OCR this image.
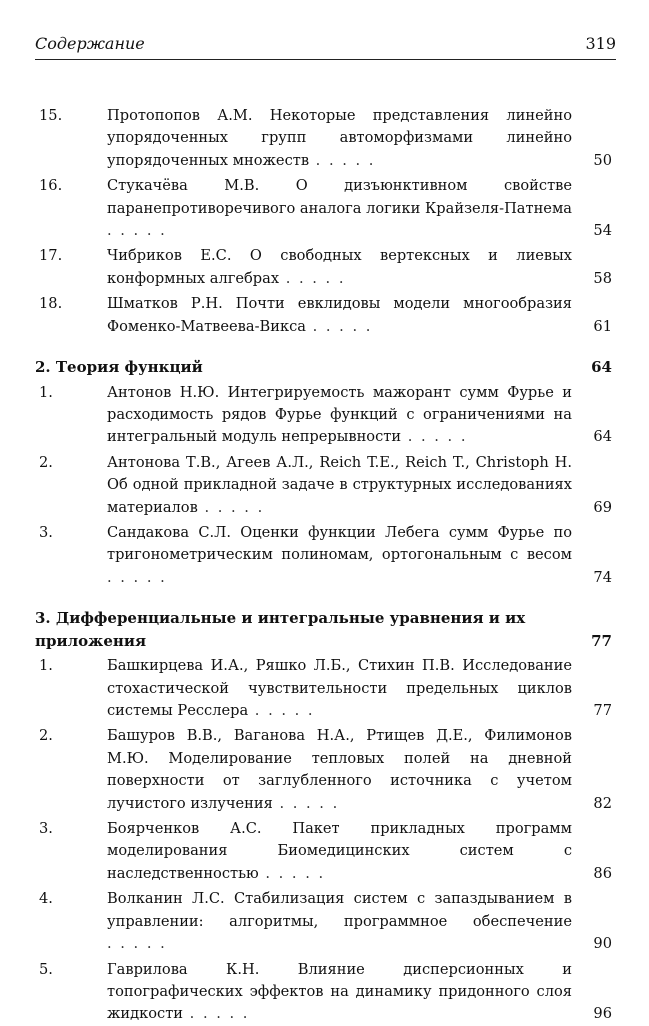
Содержание	319
15.	Протопопов А.М. Некоторые представления линейно упорядоченных групп автоморфизмами линейно упорядоченных множеств . . . . .	50
16.	Стукачёва М.В. О дизъюнктивном свойстве паранепротиворечивого аналога логики Крайзеля-Патнема . . . . .	54
17.	Чибриков Е.С. О свободных вертексных и лиевых конформных алгебрах . . . . .	58
18.	Шматков Р.Н. Почти евклидовы модели многообразия Фоменко-Матвеева-Викса . . . . .	61
2. Теория функций	64
1.	Антонов Н.Ю. Интегрируемость мажорант сумм Фурье и расходимость рядов Фурье функций с ограничениями на интегральный модуль непрерывности . . . . .	64
2.	Антонова Т.В., Агеев А.Л., Reich T.E., Reich T., Christoph H. Об одной прикладной задаче в структурных исследованиях материалов . . . . .	69
3.	Сандакова С.Л. Оценки функции Лебега сумм Фурье по тригонометрическим полиномам, ортогональным с весом . . . . .	74
3. Дифференциальные и интегральные уравнения и их приложения	77
1.	Башкирцева И.А., Ряшко Л.Б., Стихин П.В. Исследование стохастической чувствительности предельных циклов системы Ресслера . . . . .	77
2.	Башуров В.В., Ваганова Н.А., Ртищев Д.Е., Филимонов М.Ю. Моделирование тепловых полей на дневной поверхности от заглубленного источника с учетом лучистого излучения . . . . .	82
3.	Боярченков А.С. Пакет прикладных программ моделирования Биомедицинских систем с наследственностью . . . . .	86
4.	Волканин Л.С. Стабилизация систем с запаздыванием в управлении: алгоритмы, программное обеспечение . . . . .	90
5.	Гаврилова К.Н. Влияние дисперсионных и топографических эффектов на динамику придонного слоя жидкости . . . . .	96
